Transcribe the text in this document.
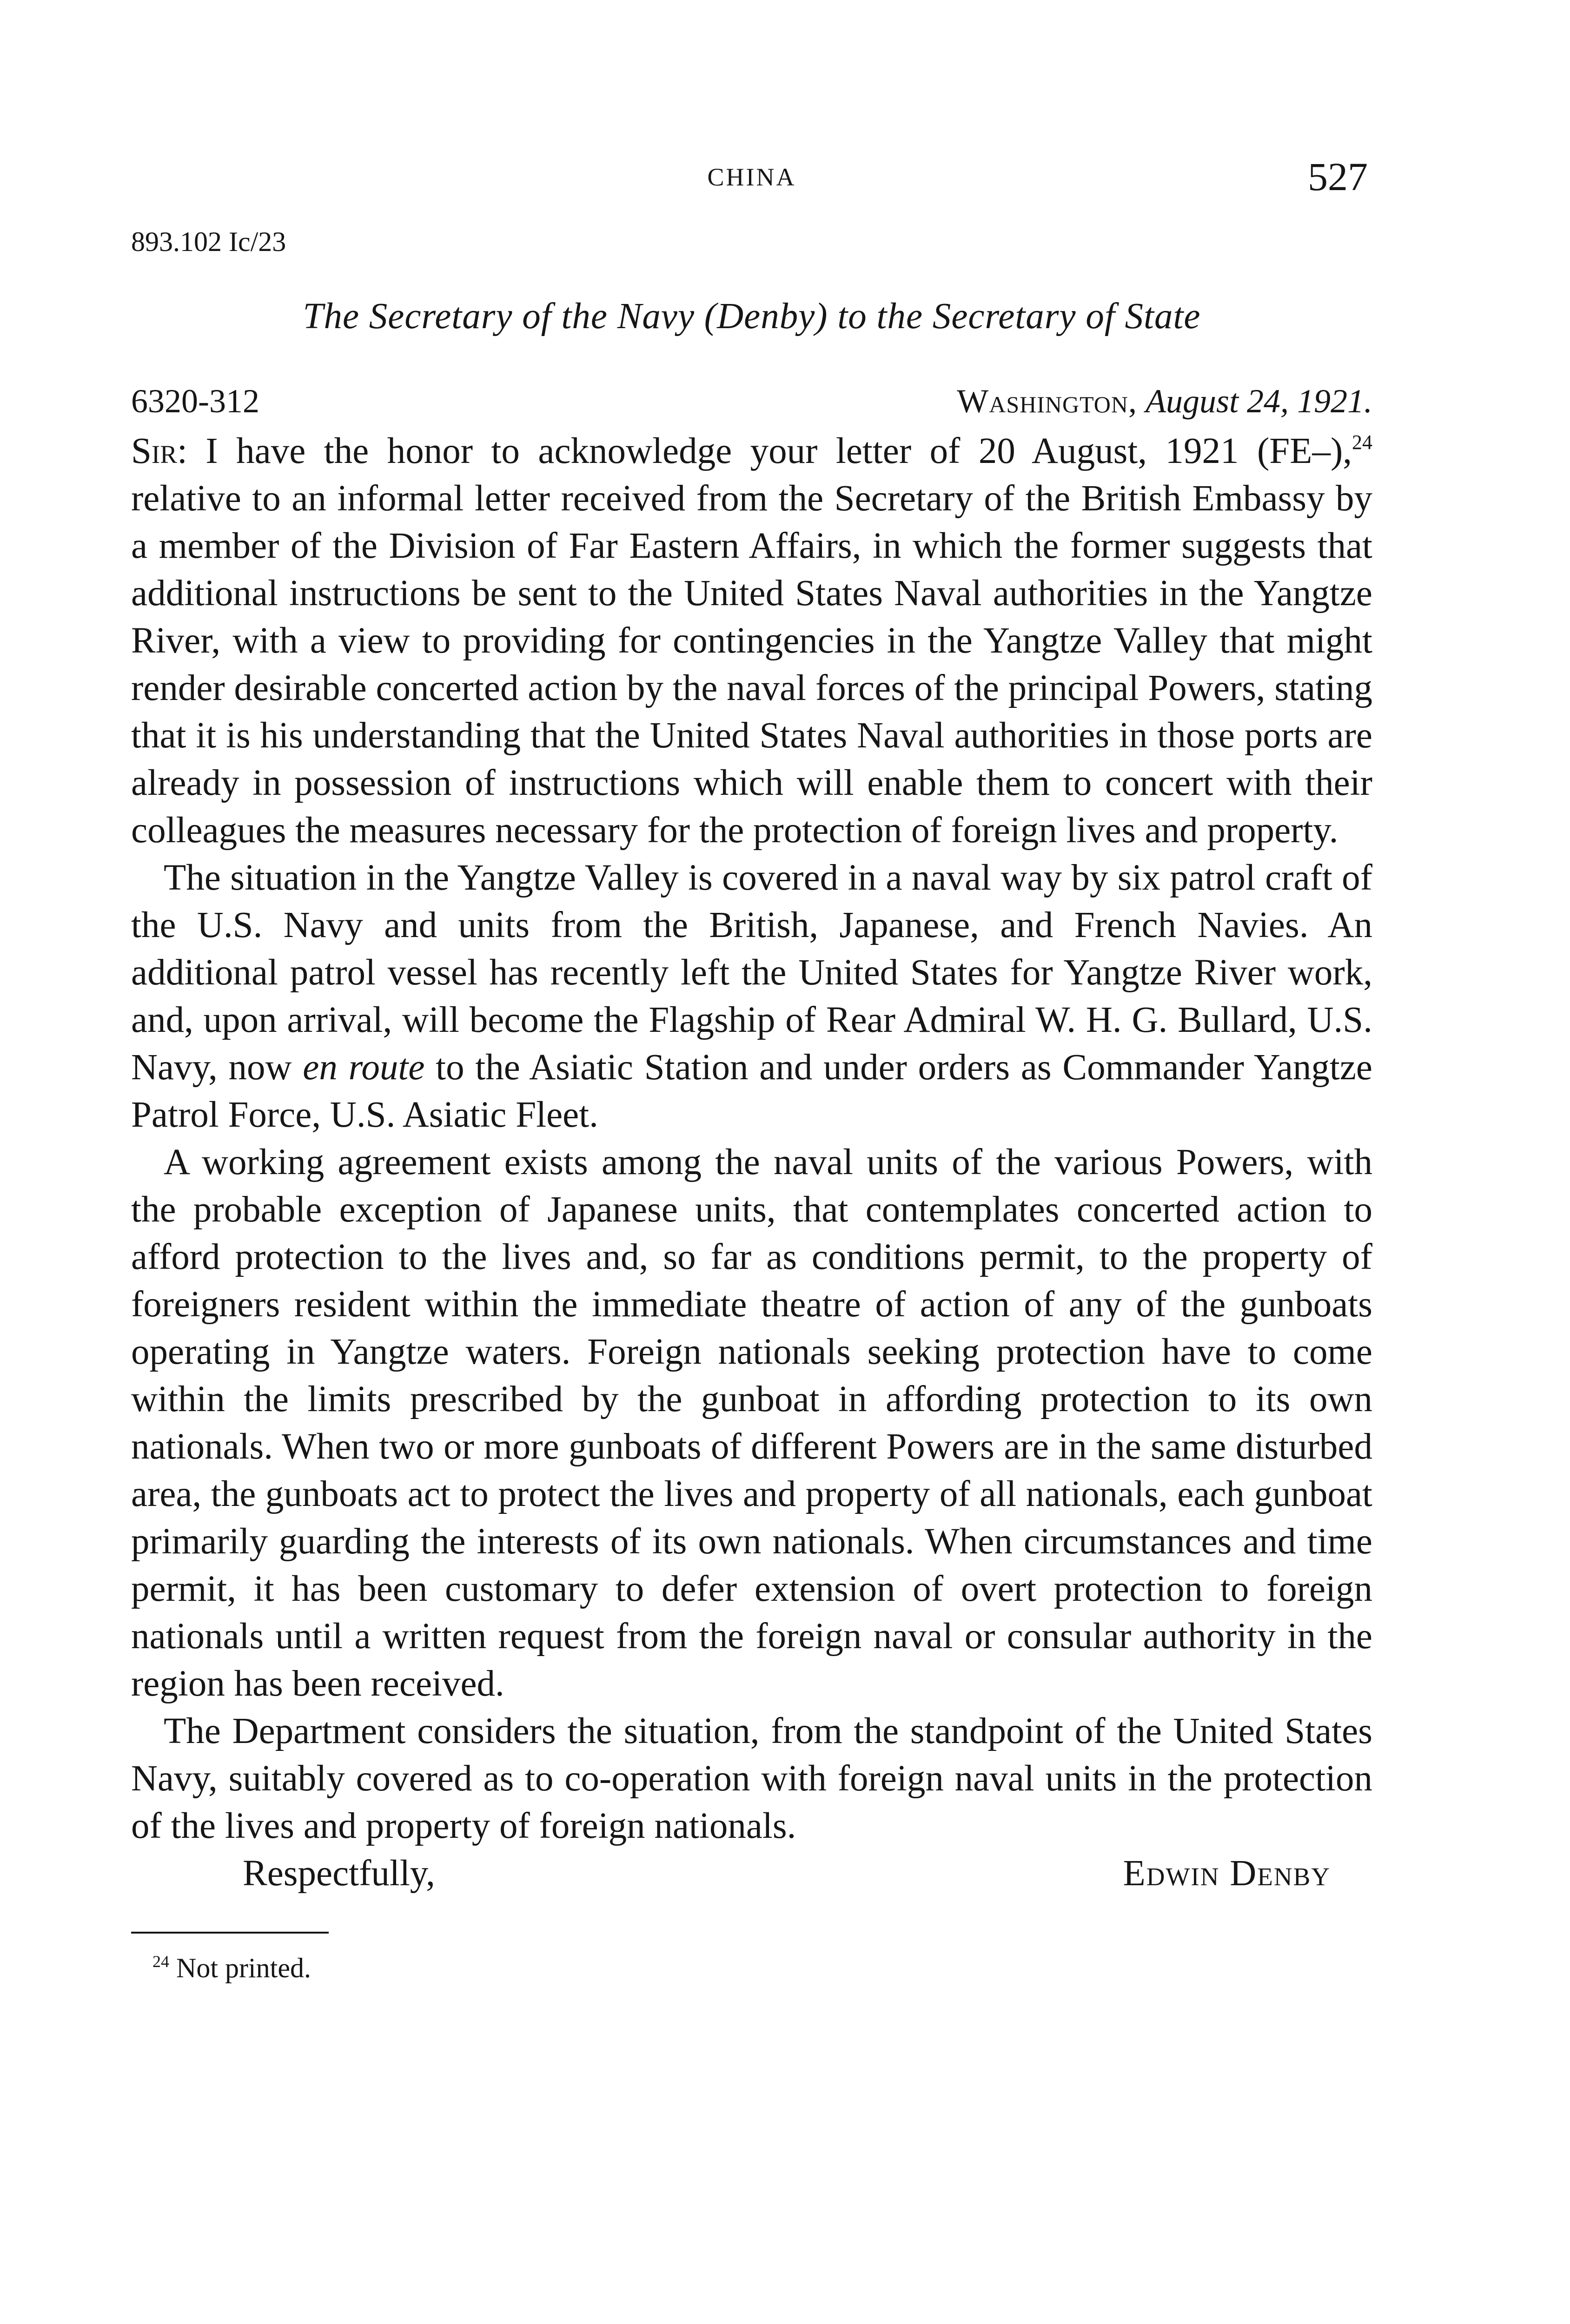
CHINA	527
893.102 Ic/23
The Secretary of the Navy (Denby) to the Secretary of State
6320-312	Washington, August 24, 1921.

Sir: I have the honor to acknowledge your letter of 20 August, 1921 (FE–),$^{24}$ relative to an informal letter received from the Secretary of the British Embassy by a member of the Division of Far Eastern Affairs, in which the former suggests that additional instructions be sent to the United States Naval authorities in the Yangtze River, with a view to providing for contingencies in the Yangtze Valley that might render desirable concerted action by the naval forces of the principal Powers, stating that it is his understanding that the United States Naval authorities in those ports are already in possession of instructions which will enable them to concert with their colleagues the measures necessary for the protection of foreign lives and property.

The situation in the Yangtze Valley is covered in a naval way by six patrol craft of the U.S. Navy and units from the British, Japanese, and French Navies. An additional patrol vessel has recently left the United States for Yangtze River work, and, upon arrival, will become the Flagship of Rear Admiral W. H. G. Bullard, U.S. Navy, now en route to the Asiatic Station and under orders as Commander Yangtze Patrol Force, U.S. Asiatic Fleet.

A working agreement exists among the naval units of the various Powers, with the probable exception of Japanese units, that contemplates concerted action to afford protection to the lives and, so far as conditions permit, to the property of foreigners resident within the immediate theatre of action of any of the gunboats operating in Yangtze waters. Foreign nationals seeking protection have to come within the limits prescribed by the gunboat in affording protection to its own nationals. When two or more gunboats of different Powers are in the same disturbed area, the gunboats act to protect the lives and property of all nationals, each gunboat primarily guarding the interests of its own nationals. When circumstances and time permit, it has been customary to defer extension of overt protection to foreign nationals until a written request from the foreign naval or consular authority in the region has been received.

The Department considers the situation, from the standpoint of the United States Navy, suitably covered as to co-operation with foreign naval units in the protection of the lives and property of foreign nationals.

Respectfully,	Edwin Denby
$^{24}$ Not printed.
